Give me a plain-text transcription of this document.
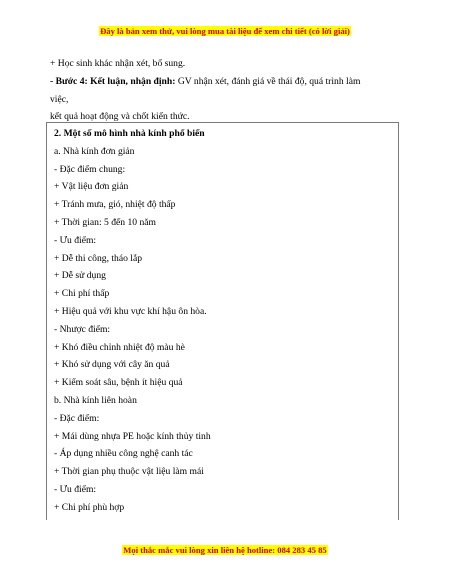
Đây là bản xem thử, vui lòng mua tài liệu để xem chi tiết (có lời giải)

+ Học sinh khác nhận xét, bổ sung.

- Bước 4: Kết luận, nhận định: GV nhận xét, đánh giá về thái độ, quá trình làm

việc,

kết quả hoạt động và chốt kiến thức.

2. Một số mô hình nhà kính phổ biến

a. Nhà kính đơn giản

- Đặc điểm chung:

+ Vật liệu đơn giản

+ Tránh mưa, gió, nhiệt độ thấp

+ Thời gian: 5 đến 10 năm

- Ưu điểm:

+ Dễ thi công, tháo lắp

+ Dễ sử dụng

+ Chi phí thấp

+ Hiệu quả với khu vực khí hậu ôn hòa.

- Nhược điểm:

+ Khó điều chỉnh nhiệt độ màu hè

+ Khó sử dụng với cây ăn quả

+ Kiểm soát sâu, bệnh ít hiệu quả

b. Nhà kính liên hoàn

- Đặc điểm:

+ Mái dùng nhựa PE hoặc kính thủy tinh

- Áp dụng nhiều công nghệ canh tác

+ Thời gian phụ thuộc vật liệu làm mái

- Ưu điểm:

+ Chi phí phù hợp

Mọi thắc mắc vui lòng xin liên hệ hotline: 084 283 45 85
